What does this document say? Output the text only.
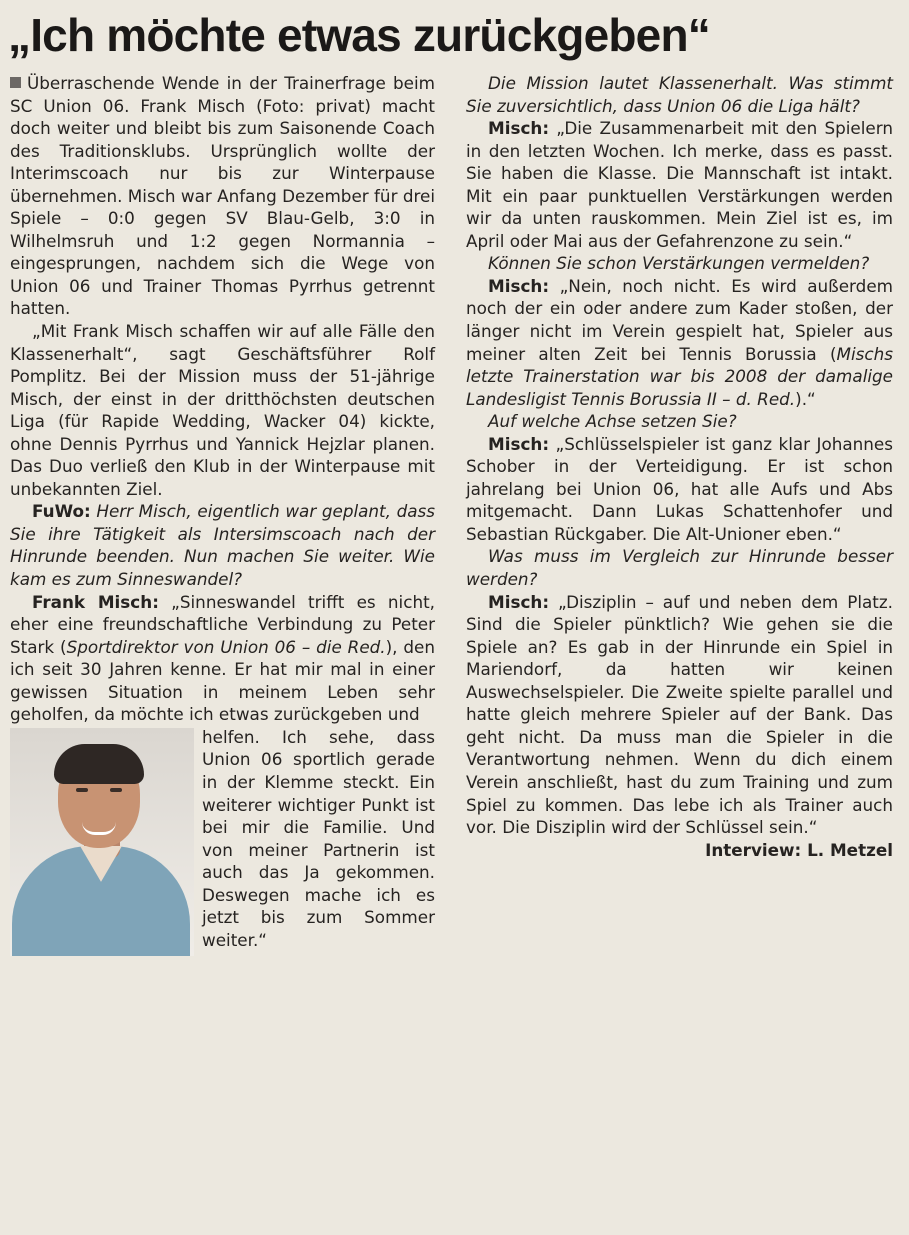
„Ich möchte etwas zurückgeben“

Überraschende Wende in der Trainerfrage beim SC Union 06. Frank Misch (Foto: privat) macht doch weiter und bleibt bis zum Saisonende Coach des Traditionsklubs. Ursprünglich wollte der Interimscoach nur bis zur Winterpause übernehmen. Misch war Anfang Dezember für drei Spiele – 0:0 gegen SV Blau-Gelb, 3:0 in Wilhelmsruh und 1:2 gegen Normannia – eingesprungen, nachdem sich die Wege von Union 06 und Trainer Thomas Pyrrhus getrennt hatten.

„Mit Frank Misch schaffen wir auf alle Fälle den Klassenerhalt“, sagt Geschäftsführer Rolf Pomplitz. Bei der Mission muss der 51-jährige Misch, der einst in der dritthöchsten deutschen Liga (für Rapide Wedding, Wacker 04) kickte, ohne Dennis Pyrrhus und Yannick Hejzlar planen. Das Duo verließ den Klub in der Winterpause mit unbekannten Ziel.

FuWo: Herr Misch, eigentlich war geplant, dass Sie ihre Tätigkeit als Intersimscoach nach der Hinrunde beenden. Nun machen Sie weiter. Wie kam es zum Sinneswandel?

Frank Misch: „Sinneswandel trifft es nicht, eher eine freundschaftliche Verbindung zu Peter Stark (Sportdirektor von Union 06 – die Red.), den ich seit 30 Jahren kenne. Er hat mir mal in einer gewissen Situation in meinem Leben sehr geholfen, da möchte ich etwas zurückgeben und

helfen. Ich sehe, dass Union 06 sportlich gerade in der Klemme steckt. Ein weiterer wichtiger Punkt ist bei mir die Familie. Und von meiner Partnerin ist auch das Ja gekommen. Deswegen mache ich es jetzt bis zum Sommer weiter.“

Die Mission lautet Klassenerhalt. Was stimmt Sie zuversichtlich, dass Union 06 die Liga hält?

Misch: „Die Zusammenarbeit mit den Spielern in den letzten Wochen. Ich merke, dass es passt. Sie haben die Klasse. Die Mannschaft ist intakt. Mit ein paar punktuellen Verstärkungen werden wir da unten rauskommen. Mein Ziel ist es, im April oder Mai aus der Gefahrenzone zu sein.“

Können Sie schon Verstärkungen vermelden?

Misch: „Nein, noch nicht. Es wird außerdem noch der ein oder andere zum Kader stoßen, der länger nicht im Verein gespielt hat, Spieler aus meiner alten Zeit bei Tennis Borussia (Mischs letzte Trainerstation war bis 2008 der damalige Landesligist Tennis Borussia II – d. Red.).“

Auf welche Achse setzen Sie?

Misch: „Schlüsselspieler ist ganz klar Johannes Schober in der Verteidigung. Er ist schon jahrelang bei Union 06, hat alle Aufs und Abs mitgemacht. Dann Lukas Schattenhofer und Sebastian Rückgaber. Die Alt-Unioner eben.“

Was muss im Vergleich zur Hinrunde besser werden?

Misch: „Disziplin – auf und neben dem Platz. Sind die Spieler pünktlich? Wie gehen sie die Spiele an? Es gab in der Hinrunde ein Spiel in Mariendorf, da hatten wir keinen Auswechselspieler. Die Zweite spielte parallel und hatte gleich mehrere Spieler auf der Bank. Das geht nicht. Da muss man die Spieler in die Verantwortung nehmen. Wenn du dich einem Verein anschließt, hast du zum Training und zum Spiel zu kommen. Das lebe ich als Trainer auch vor. Die Disziplin wird der Schlüssel sein.“
Interview: L. Metzel
